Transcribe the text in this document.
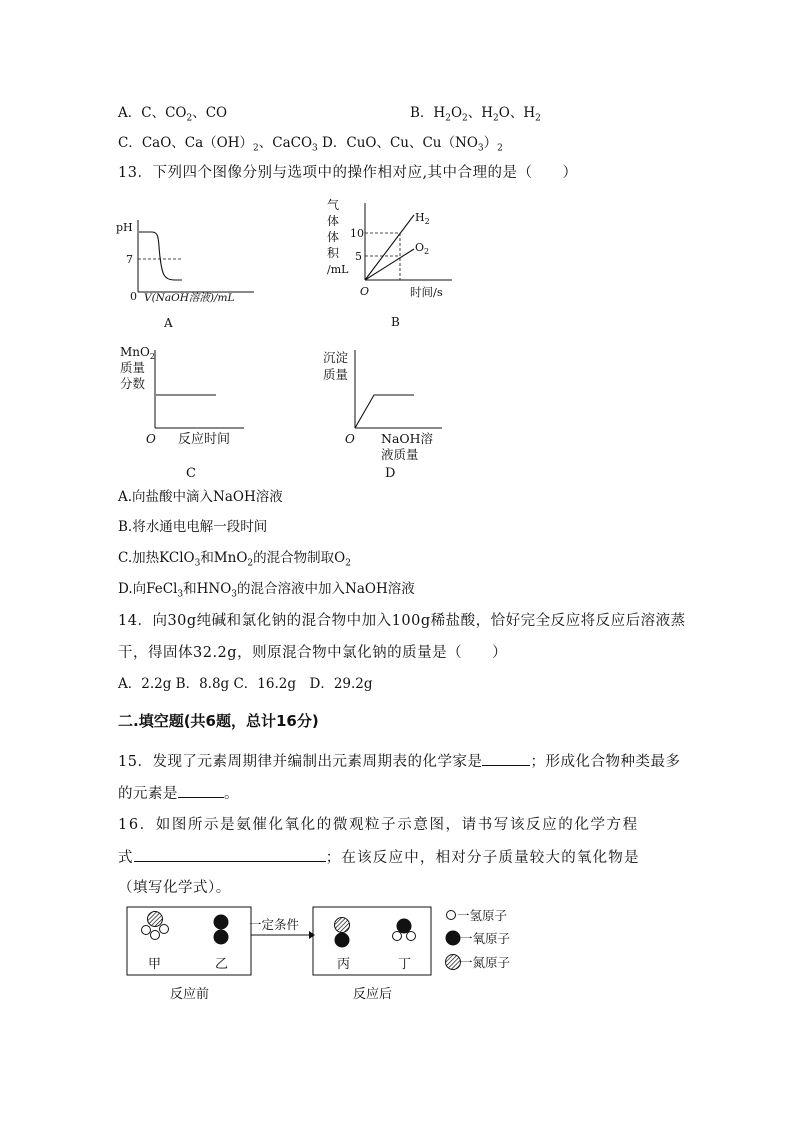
A．C、$CO_2$、CO	B．$H_2O_2$、$H_2O$、$H_2$
C．CaO、$Ca(OH)_2$、CaCO$_3$ D．CuO、Cu、$Cu(NO_3)_2$
13．下列四个图像分别与选项中的操作相对应,其中合理的是（　　）
pH
7
0 V(NaOH溶液)/mL
A
气
体
体
积
/mL
10
5
$H_2$
$O_2$
O	时间/s
B
MnO$_2$
质量
分数
O 反应时间
C
沉淀
质量
O NaOH溶
液质量
D
A.向盐酸中滴入NaOH溶液
B.将水通电电解一段时间
C.加热KClO$_3$和MnO$_2$的混合物制取$O_2$
D.向FeCl$_3$和$HNO_3$的混合溶液中加入NaOH溶液
14．向30g纯碱和氯化钠的混合物中加入100g稀盐酸，恰好完全反应将反应后溶液蒸
干，得固体32.2g，则原混合物中氯化钠的质量是（　　）
A．2.2g B．8.8g C．16.2g　D．29.2g
二.填空题(共6题，总计16分)
15．发现了元素周期律并编制出元素周期表的化学家是	；形成化合物种类最多
的元素是	。
16．如图所示是氨催化氧化的微观粒子示意图，请书写该反应的化学方程
式	；在该反应中，相对分子质量较大的氧化物是
（填写化学式）。
甲	乙
一定条件
丙	丁
反应前	反应后
一氢原子
一氧原子
一氮原子
